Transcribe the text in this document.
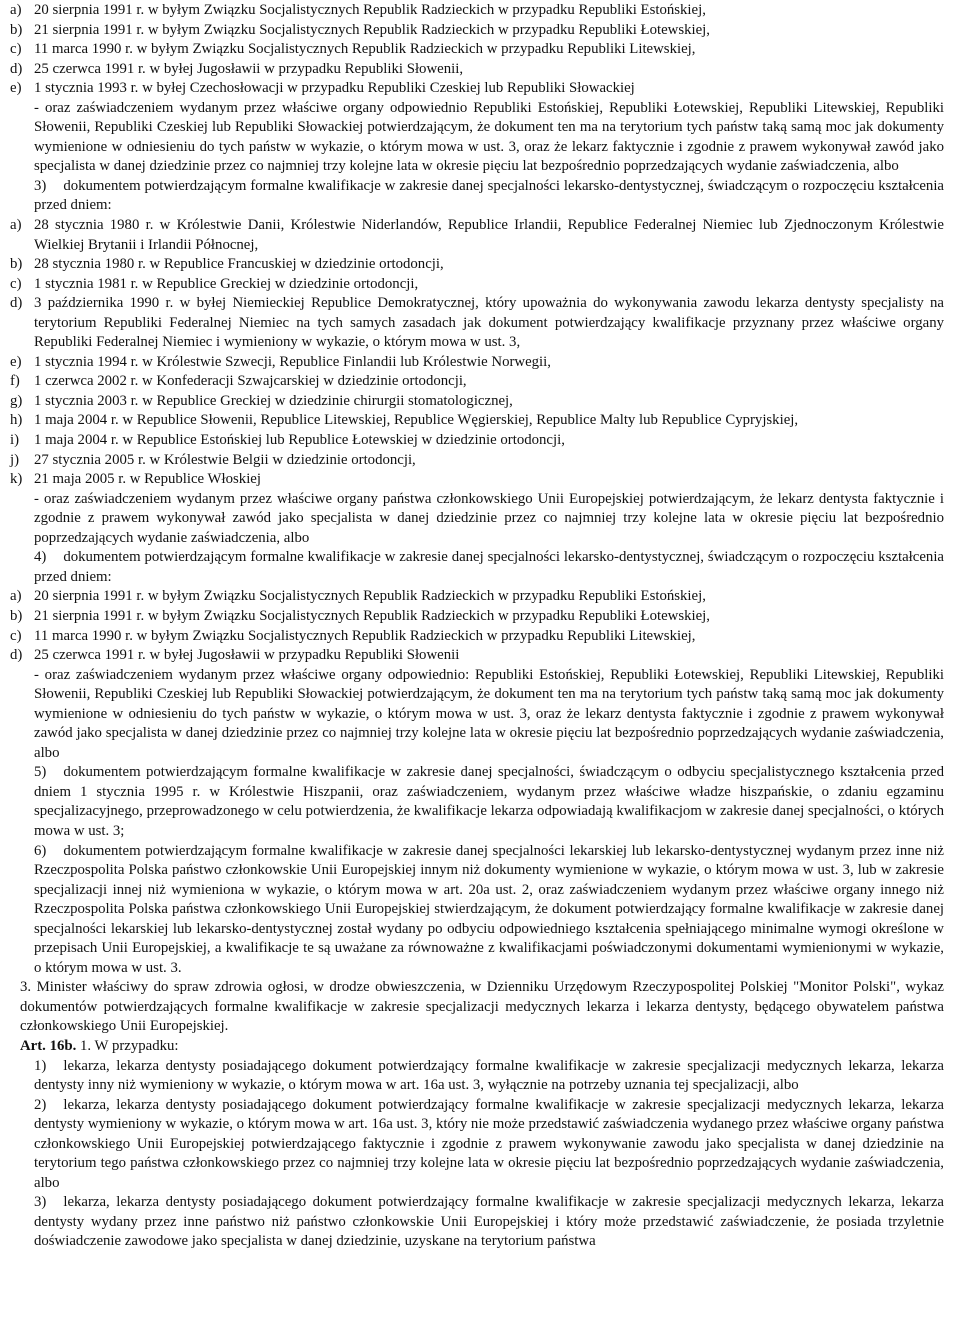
a) 20 sierpnia 1991 r. w byłym Związku Socjalistycznych Republik Radzieckich w przypadku Republiki Estońskiej,
b) 21 sierpnia 1991 r. w byłym Związku Socjalistycznych Republik Radzieckich w przypadku Republiki Łotewskiej,
c) 11 marca 1990 r. w byłym Związku Socjalistycznych Republik Radzieckich w przypadku Republiki Litewskiej,
d) 25 czerwca 1991 r. w byłej Jugosławii w przypadku Republiki Słowenii,
e) 1 stycznia 1993 r. w byłej Czechosłowacji w przypadku Republiki Czeskiej lub Republiki Słowackiej
- oraz zaświadczeniem wydanym przez właściwe organy odpowiednio Republiki Estońskiej, Republiki Łotewskiej, Republiki Litewskiej, Republiki Słowenii, Republiki Czeskiej lub Republiki Słowackiej potwierdzającym, że dokument ten ma na terytorium tych państw taką samą moc jak dokumenty wymienione w odniesieniu do tych państw w wykazie, o którym mowa w ust. 3, oraz że lekarz faktycznie i zgodnie z prawem wykonywał zawód jako specjalista w danej dziedzinie przez co najmniej trzy kolejne lata w okresie pięciu lat bezpośrednio poprzedzających wydanie zaświadczenia, albo
3) dokumentem potwierdzającym formalne kwalifikacje w zakresie danej specjalności lekarsko-dentystycznej, świadczącym o rozpoczęciu kształcenia przed dniem:
a) 28 stycznia 1980 r. w Królestwie Danii, Królestwie Niderlandów, Republice Irlandii, Republice Federalnej Niemiec lub Zjednoczonym Królestwie Wielkiej Brytanii i Irlandii Północnej,
b) 28 stycznia 1980 r. w Republice Francuskiej w dziedzinie ortodoncji,
c) 1 stycznia 1981 r. w Republice Greckiej w dziedzinie ortodoncji,
d) 3 października 1990 r. w byłej Niemieckiej Republice Demokratycznej, który upoważnia do wykonywania zawodu lekarza dentysty specjalisty na terytorium Republiki Federalnej Niemiec na tych samych zasadach jak dokument potwierdzający kwalifikacje przyznany przez właściwe organy Republiki Federalnej Niemiec i wymieniony w wykazie, o którym mowa w ust. 3,
e) 1 stycznia 1994 r. w Królestwie Szwecji, Republice Finlandii lub Królestwie Norwegii,
f) 1 czerwca 2002 r. w Konfederacji Szwajcarskiej w dziedzinie ortodoncji,
g) 1 stycznia 2003 r. w Republice Greckiej w dziedzinie chirurgii stomatologicznej,
h) 1 maja 2004 r. w Republice Słowenii, Republice Litewskiej, Republice Węgierskiej, Republice Malty lub Republice Cypryjskiej,
i) 1 maja 2004 r. w Republice Estońskiej lub Republice Łotewskiej w dziedzinie ortodoncji,
j) 27 stycznia 2005 r. w Królestwie Belgii w dziedzinie ortodoncji,
k) 21 maja 2005 r. w Republice Włoskiej
- oraz zaświadczeniem wydanym przez właściwe organy państwa członkowskiego Unii Europejskiej potwierdzającym, że lekarz dentysta faktycznie i zgodnie z prawem wykonywał zawód jako specjalista w danej dziedzinie przez co najmniej trzy kolejne lata w okresie pięciu lat bezpośrednio poprzedzających wydanie zaświadczenia, albo
4) dokumentem potwierdzającym formalne kwalifikacje w zakresie danej specjalności lekarsko-dentystycznej, świadczącym o rozpoczęciu kształcenia przed dniem:
a) 20 sierpnia 1991 r. w byłym Związku Socjalistycznych Republik Radzieckich w przypadku Republiki Estońskiej,
b) 21 sierpnia 1991 r. w byłym Związku Socjalistycznych Republik Radzieckich w przypadku Republiki Łotewskiej,
c) 11 marca 1990 r. w byłym Związku Socjalistycznych Republik Radzieckich w przypadku Republiki Litewskiej,
d) 25 czerwca 1991 r. w byłej Jugosławii w przypadku Republiki Słowenii
- oraz zaświadczeniem wydanym przez właściwe organy odpowiednio: Republiki Estońskiej, Republiki Łotewskiej, Republiki Litewskiej, Republiki Słowenii, Republiki Czeskiej lub Republiki Słowackiej potwierdzającym, że dokument ten ma na terytorium tych państw taką samą moc jak dokumenty wymienione w odniesieniu do tych państw w wykazie, o którym mowa w ust. 3, oraz że lekarz dentysta faktycznie i zgodnie z prawem wykonywał zawód jako specjalista w danej dziedzinie przez co najmniej trzy kolejne lata w okresie pięciu lat bezpośrednio poprzedzających wydanie zaświadczenia, albo
5) dokumentem potwierdzającym formalne kwalifikacje w zakresie danej specjalności, świadczącym o odbyciu specjalistycznego kształcenia przed dniem 1 stycznia 1995 r. w Królestwie Hiszpanii, oraz zaświadczeniem, wydanym przez właściwe władze hiszpańskie, o zdaniu egzaminu specjalizacyjnego, przeprowadzonego w celu potwierdzenia, że kwalifikacje lekarza odpowiadają kwalifikacjom w zakresie danej specjalności, o których mowa w ust. 3;
6) dokumentem potwierdzającym formalne kwalifikacje w zakresie danej specjalności lekarskiej lub lekarsko-dentystycznej wydanym przez inne niż Rzeczpospolita Polska państwo członkowskie Unii Europejskiej innym niż dokumenty wymienione w wykazie, o którym mowa w ust. 3, lub w zakresie specjalizacji innej niż wymieniona w wykazie, o którym mowa w art. 20a ust. 2, oraz zaświadczeniem wydanym przez właściwe organy innego niż Rzeczpospolita Polska państwa członkowskiego Unii Europejskiej stwierdzającym, że dokument potwierdzający formalne kwalifikacje w zakresie danej specjalności lekarskiej lub lekarsko-dentystycznej został wydany po odbyciu odpowiedniego kształcenia spełniającego minimalne wymogi określone w przepisach Unii Europejskiej, a kwalifikacje te są uważane za równoważne z kwalifikacjami poświadczonymi dokumentami wymienionymi w wykazie, o którym mowa w ust. 3.
3. Minister właściwy do spraw zdrowia ogłosi, w drodze obwieszczenia, w Dzienniku Urzędowym Rzeczypospolitej Polskiej "Monitor Polski", wykaz dokumentów potwierdzających formalne kwalifikacje w zakresie specjalizacji medycznych lekarza i lekarza dentysty, będącego obywatelem państwa członkowskiego Unii Europejskiej.
Art. 16b. 1. W przypadku:
1) lekarza, lekarza dentysty posiadającego dokument potwierdzający formalne kwalifikacje w zakresie specjalizacji medycznych lekarza, lekarza dentysty inny niż wymieniony w wykazie, o którym mowa w art. 16a ust. 3, wyłącznie na potrzeby uznania tej specjalizacji, albo
2) lekarza, lekarza dentysty posiadającego dokument potwierdzający formalne kwalifikacje w zakresie specjalizacji medycznych lekarza, lekarza dentysty wymieniony w wykazie, o którym mowa w art. 16a ust. 3, który nie może przedstawić zaświadczenia wydanego przez właściwe organy państwa członkowskiego Unii Europejskiej potwierdzającego faktycznie i zgodnie z prawem wykonywanie zawodu jako specjalista w danej dziedzinie na terytorium tego państwa członkowskiego przez co najmniej trzy kolejne lata w okresie pięciu lat bezpośrednio poprzedzających wydanie zaświadczenia, albo
3) lekarza, lekarza dentysty posiadającego dokument potwierdzający formalne kwalifikacje w zakresie specjalizacji medycznych lekarza, lekarza dentysty wydany przez inne państwo niż państwo członkowskie Unii Europejskiej i który może przedstawić zaświadczenie, że posiada trzyletnie doświadczenie zawodowe jako specjalista w danej dziedzinie, uzyskane na terytorium państwa
